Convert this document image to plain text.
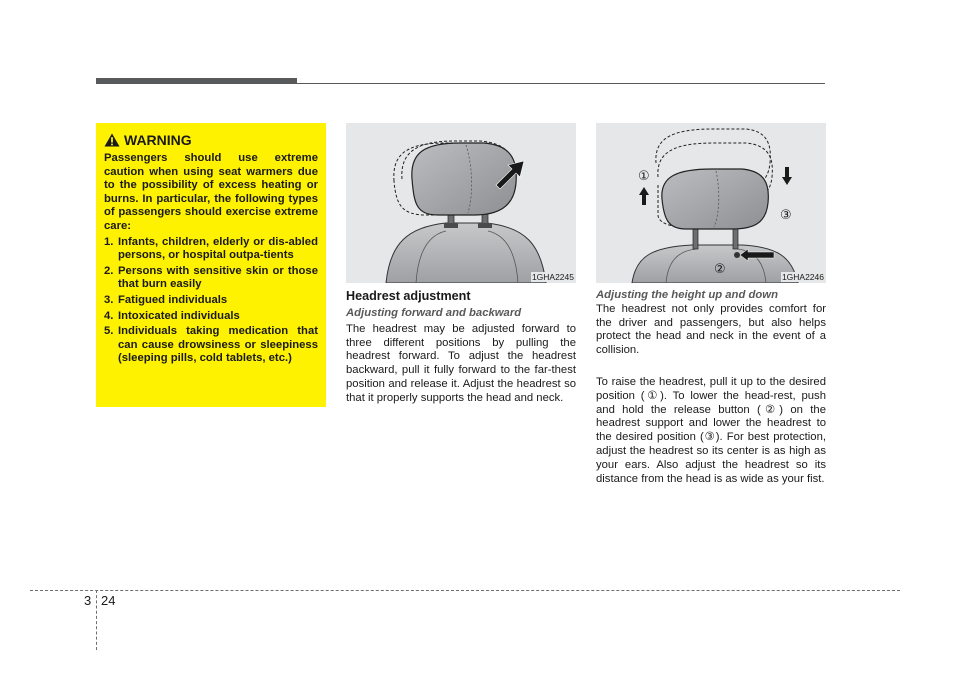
WARNING

Passengers should use extreme caution when using seat warmers due to the possibility of excess heating or burns. In particular, the following types of passengers should exercise extreme care:

1. Infants, children, elderly or dis-abled persons, or hospital outpa-tients
2. Persons with sensitive skin or those that burn easily
3. Fatigued individuals
4. Intoxicated individuals
5. Individuals taking medication that can cause drowsiness or sleepiness (sleeping pills, cold tablets, etc.)
1GHA2245
①
③
②
1GHA2246

Headrest adjustment

Adjusting forward and backward

The headrest may be adjusted forward to three different positions by pulling the headrest forward. To adjust the headrest backward, pull it fully forward to the far-thest position and release it. Adjust the headrest so that it properly supports the head and neck.

Adjusting the height up and down

The headrest not only provides comfort for the driver and passengers, but also helps protect the head and neck in the event of a collision.

To raise the headrest, pull it up to the desired position (①). To lower the head-rest, push and hold the release button (②) on the headrest support and lower the headrest to the desired position (③). For best protection, adjust the headrest so its center is as high as your ears. Also adjust the headrest so its distance from the head is as wide as your fist.

3 24
